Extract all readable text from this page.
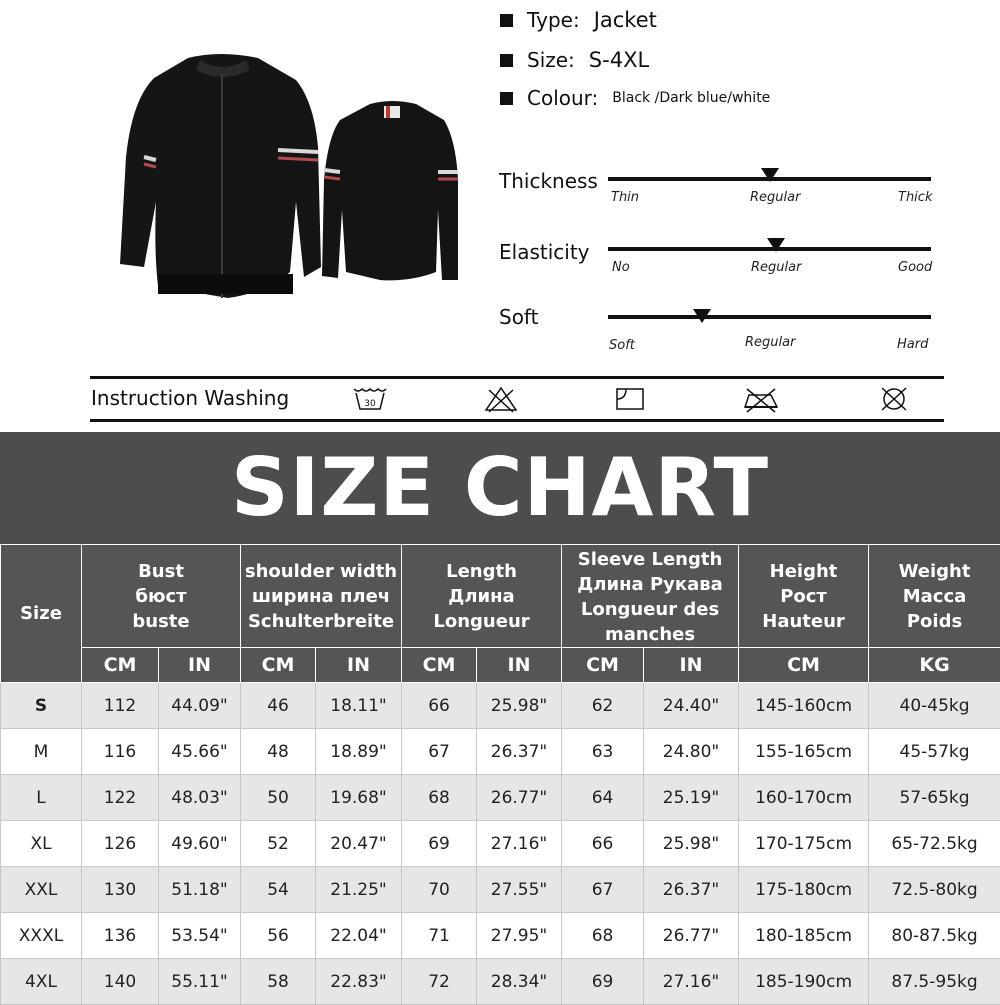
Type: Jacket
Size: S-4XL
Colour: Black /Dark blue/white
Thickness
Thin	Regular	Thick
Elasticity
No	Regular	Good
Soft
Soft	Regular	Hard
Instruction Washing	30
SIZE CHART
Size	Bust
бюст
buste		shoulder width
ширина плеч
Schulterbreite		Length
Длина
Longueur		Sleeve Length
Длина Рукава
Longueur des
manches		Height
Рост
Hauteur	Weight
Масса
Poids

	CM	IN	CM	IN	CM	IN	CM	IN	CM	KG
S	112	44.09"	46	18.11"	66	25.98"	62	24.40"	145-160cm	40-45kg
M	116	45.66"	48	18.89"	67	26.37"	63	24.80"	155-165cm	45-57kg
L	122	48.03"	50	19.68"	68	26.77"	64	25.19"	160-170cm	57-65kg
XL	126	49.60"	52	20.47"	69	27.16"	66	25.98"	170-175cm	65-72.5kg
XXL	130	51.18"	54	21.25"	70	27.55"	67	26.37"	175-180cm	72.5-80kg
XXXL	136	53.54"	56	22.04"	71	27.95"	68	26.77"	180-185cm	80-87.5kg
4XL	140	55.11"	58	22.83"	72	28.34"	69	27.16"	185-190cm	87.5-95kg
